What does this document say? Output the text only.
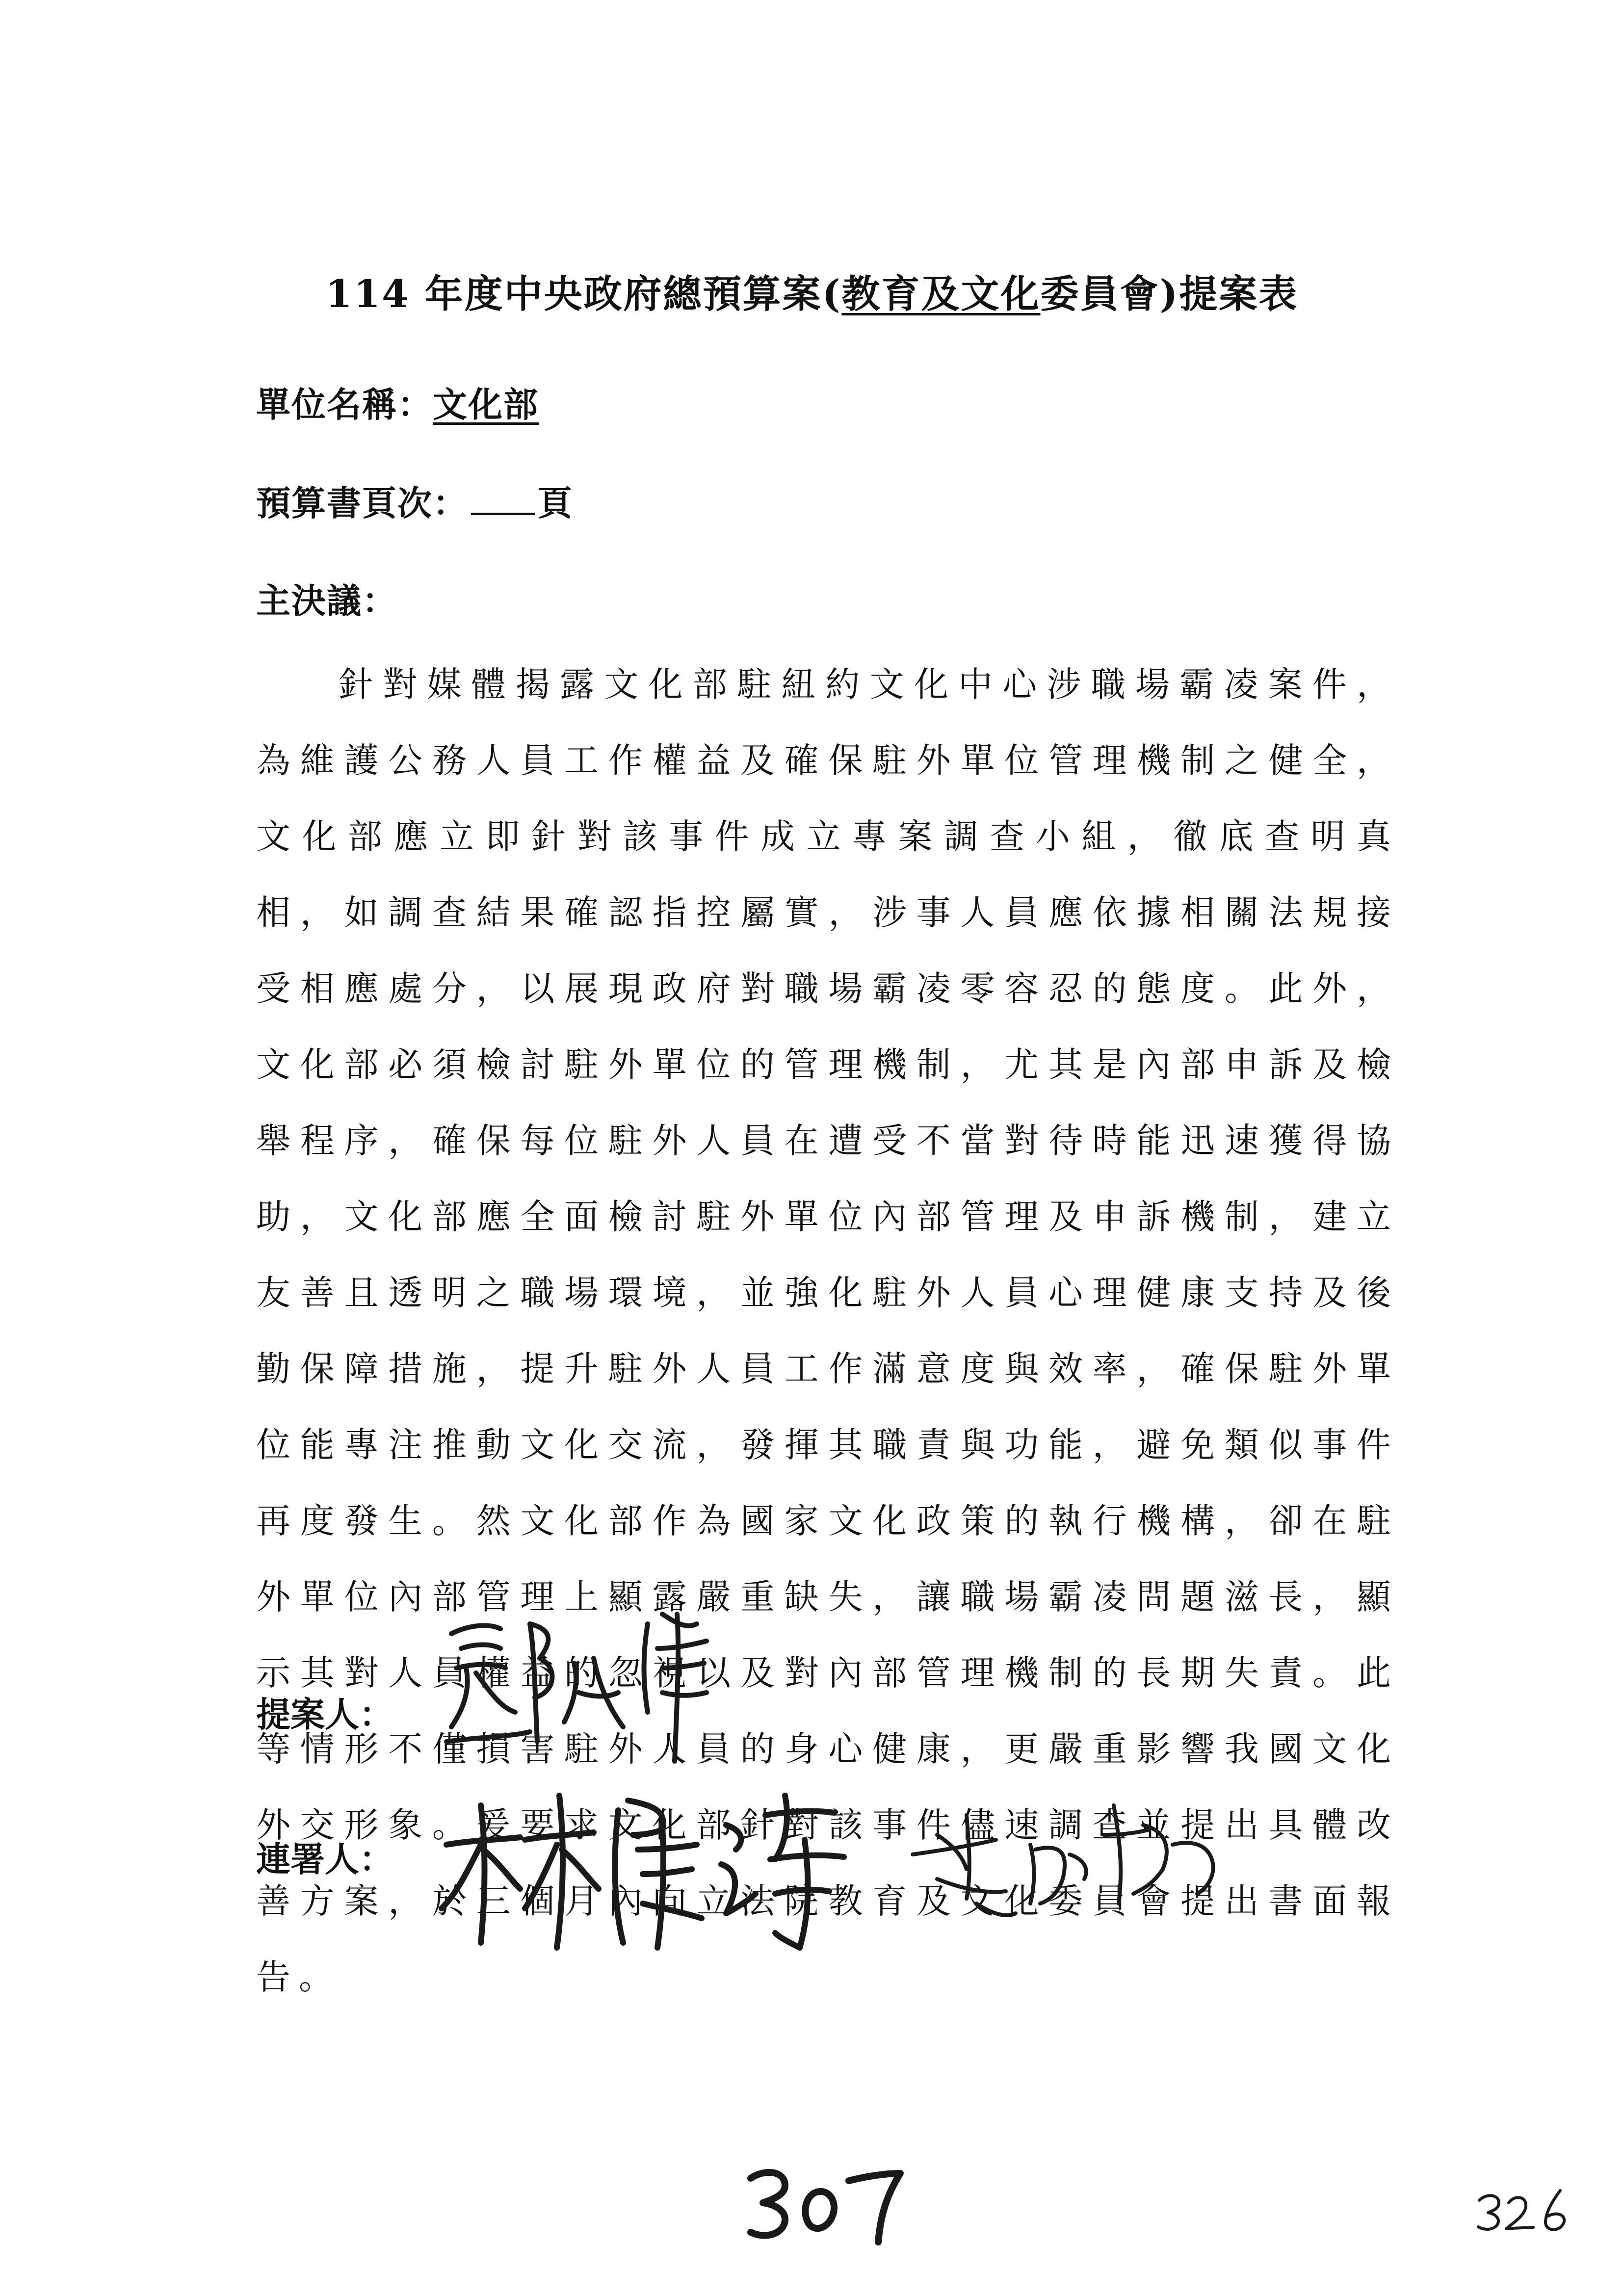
114 年度中央政府總預算案(教育及文化委員會)提案表
單位名稱：文化部
預算書頁次： 頁
主決議：
針對媒體揭露文化部駐紐約文化中心涉職場霸凌案件，為維護公務人員工作權益及確保駐外單位管理機制之健全，文化部應立即針對該事件成立專案調查小組，徹底查明真相，如調查結果確認指控屬實，涉事人員應依據相關法規接受相應處分，以展現政府對職場霸凌零容忍的態度。此外，文化部必須檢討駐外單位的管理機制，尤其是內部申訴及檢舉程序，確保每位駐外人員在遭受不當對待時能迅速獲得協助，文化部應全面檢討駐外單位內部管理及申訴機制，建立友善且透明之職場環境，並強化駐外人員心理健康支持及後勤保障措施，提升駐外人員工作滿意度與效率，確保駐外單位能專注推動文化交流，發揮其職責與功能，避免類似事件再度發生。然文化部作為國家文化政策的執行機構，卻在駐外單位內部管理上顯露嚴重缺失，讓職場霸凌問題滋長，顯示其對人員權益的忽視以及對內部管理機制的長期失責。此等情形不僅損害駐外人員的身心健康，更嚴重影響我國文化外交形象。爰要求文化部針對該事件儘速調查並提出具體改善方案，於三個月內向立法院教育及文化委員會提出書面報告。
提案人：
連署人：
